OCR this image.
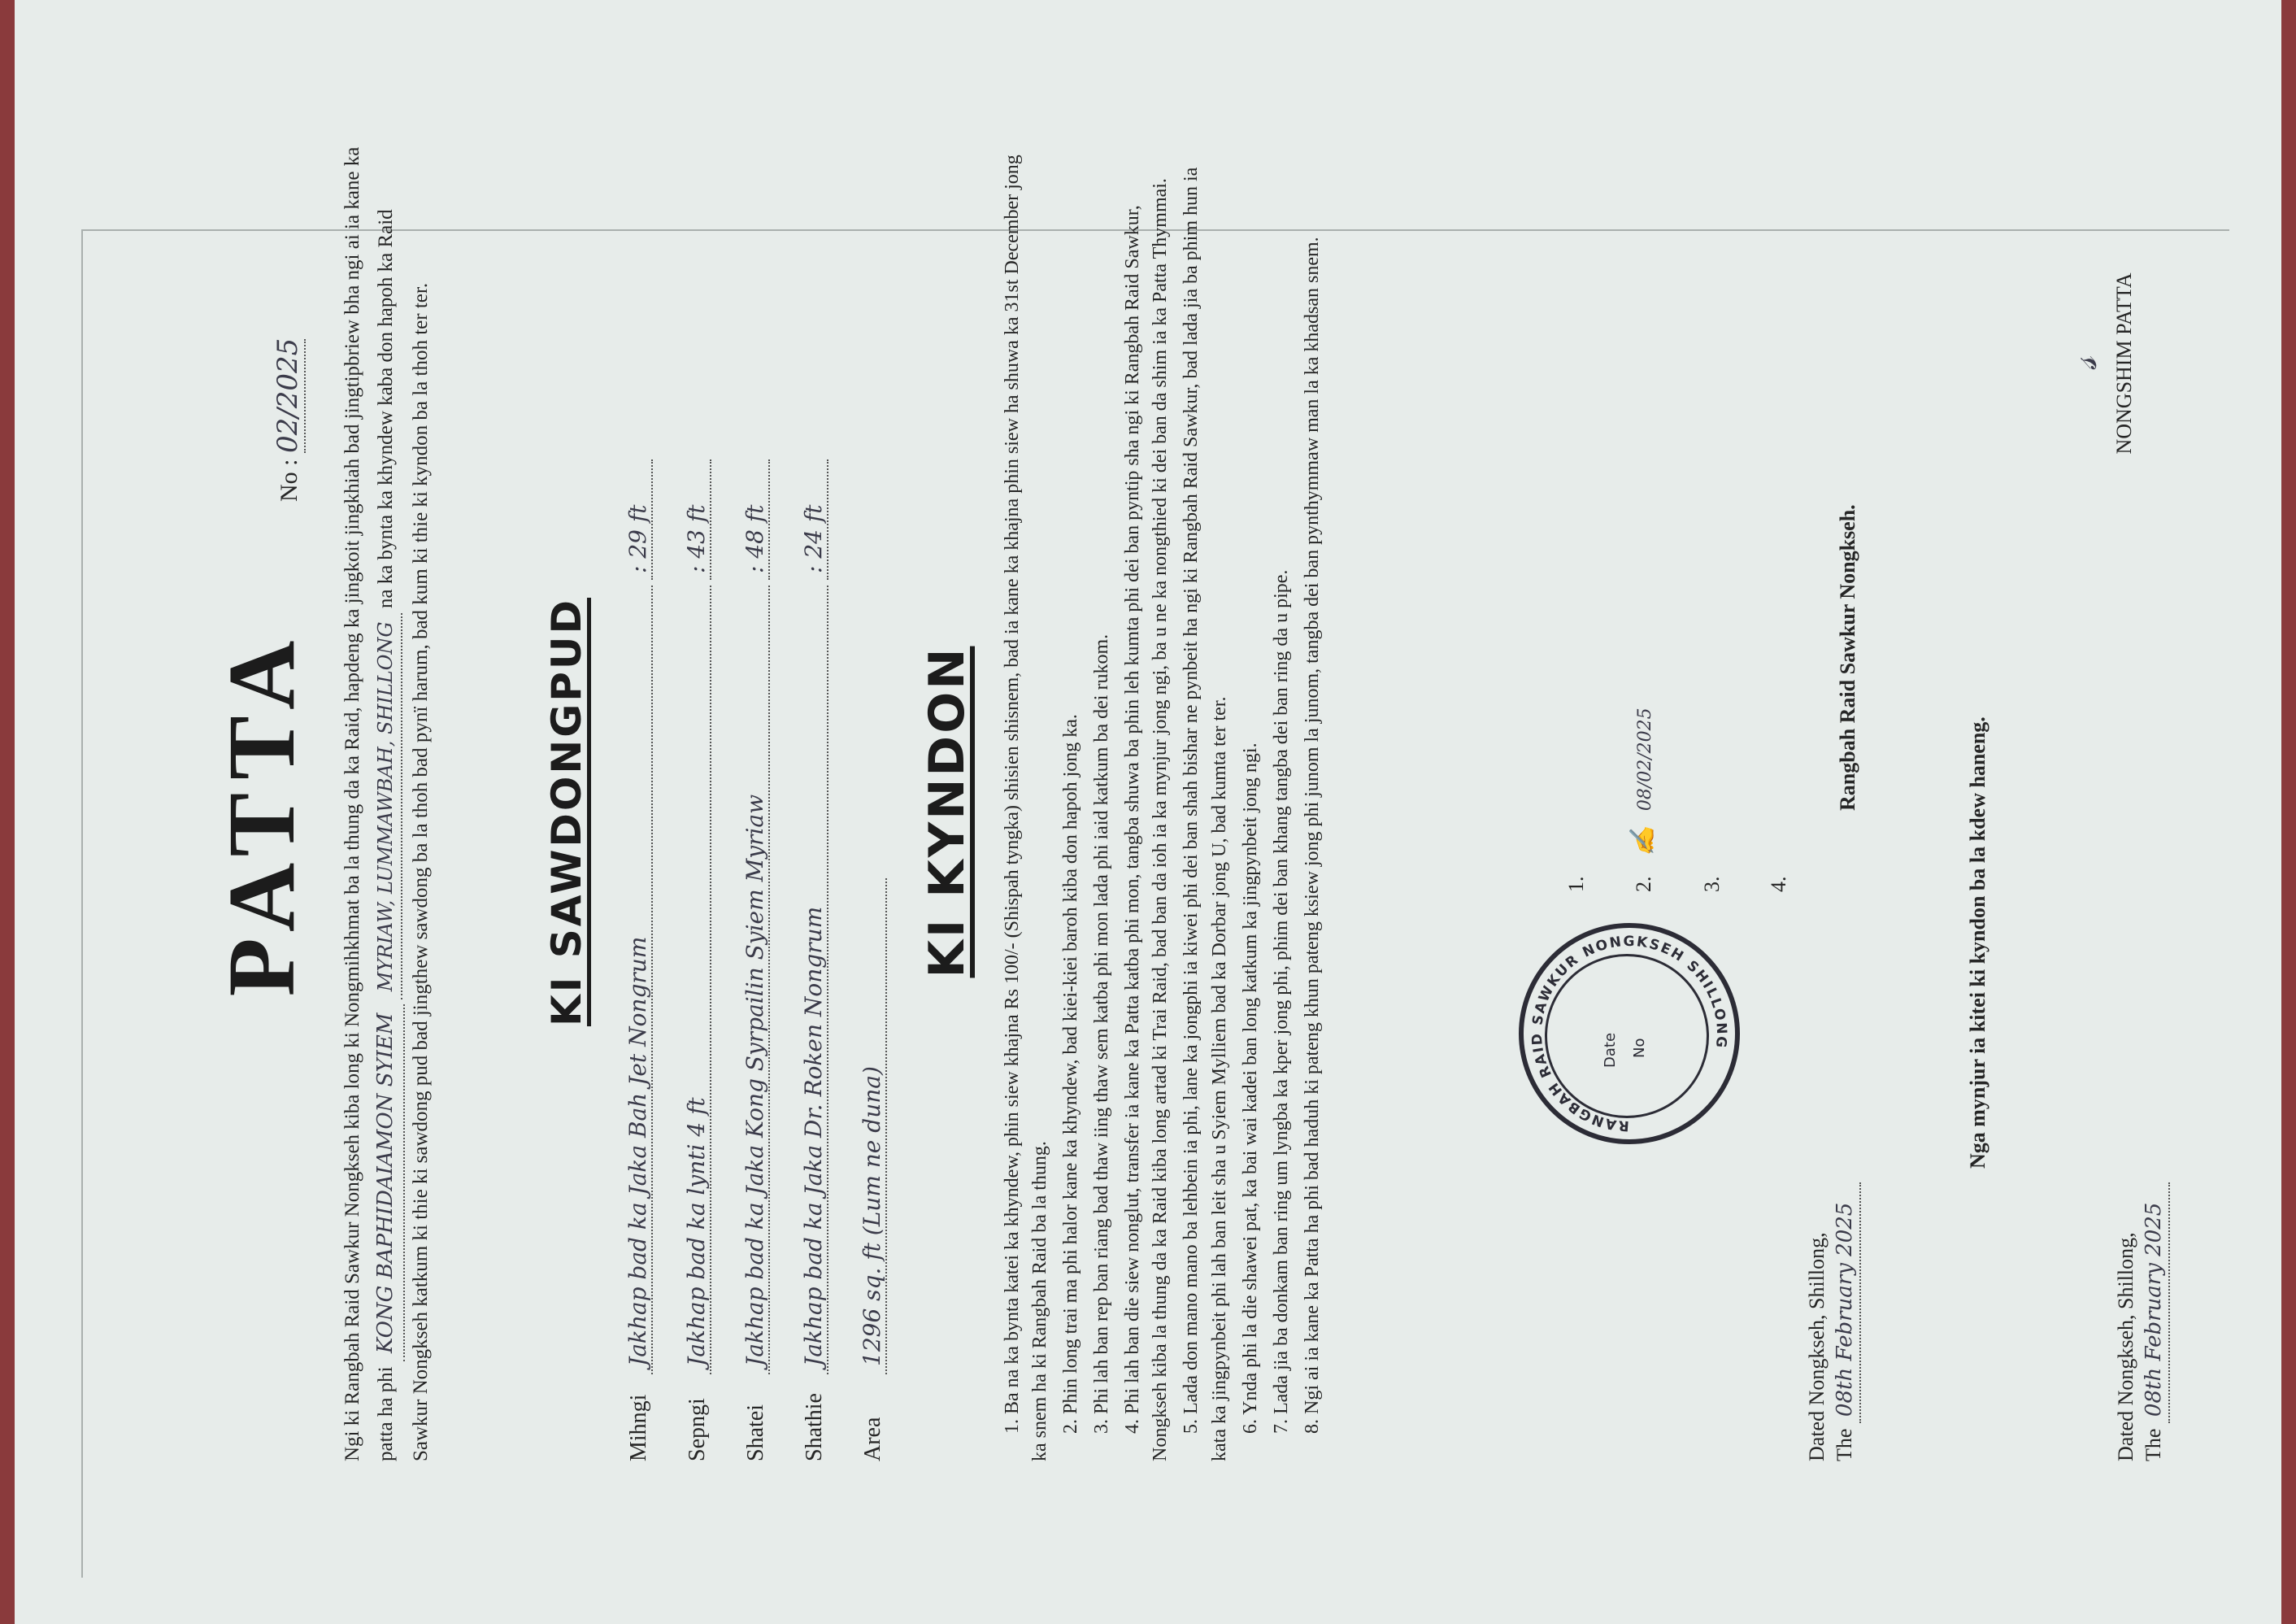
PATTA
No : 02/2025 Ngi ki Rangbah Raid Sawkur Nongkseh kiba long ki Nongmihkhmat ba la thung da ka Raid, hapdeng ka jingkoit jingkhiah bad jingtipbriew bha ngi ai ia kane ka patta ha phi KONG BAPHIDAIAMON SYIEM MYRIAW, LUMMAWBAH, SHILLONG na ka bynta ka khyndew kaba don hapoh ka Raid Sawkur Nongkseh katkum ki thie ki sawdong pud bad jingthew sawdong ba la thoh bad pynï harum, bad kum ki thie ki kyndon ba la thoh ter ter.	KI SAWDONGPUD
Mihngi Jakhap bad ka Jaka Bah Jet Nongrum : 29 ft
Sepngi Jakhap bad ka lynti 4 ft : 43 ft
Shatei Jakhap bad ka Jaka Kong Syrpailin Syiem Myriaw : 48 ft
Shathie Jakhap bad ka Jaka Dr. Roken Nongrum : 24 ft
Area 1296 sq. ft (Lum ne duna)
KI KYNDON 1. Ba na ka bynta katei ka khyndew, phin siew khajna Rs 100/- (Shispah tyngka) shisien shisnem, bad ia kane ka khajna phin siew ha shuwa ka 31st December jong ka snem ha ki Rangbah Raid ba la thung. 2. Phin long trai ma phi halor kane ka khyndew, bad kiei-kiei baroh kiba don hapoh jong ka. 3. Phi lah ban rep ban riang bad thaw iing thaw sem katba phi mon lada phi iaid katkum ba dei rukom. 4. Phi lah ban die siew nonglut, transfer ia kane ka Patta katba phi mon, tangba shuwa ba phin leh kumta phi dei ban pyntip sha ngi ki Rangbah Raid Sawkur, Nongkseh kiba la thung da ka Raid kiba long artad ki Trai Raid, bad ban da ioh ia ka mynjur jong ngi, ba u ne ka nongthied ki dei ban da shim ia ka Patta Thymmai. 5. Lada don mano mano ba lehbein ia phi, lane ka jongphi ia kiwei phi dei ban shah bishar ne pynbeit ha ngi ki Rangbah Raid Sawkur, bad lada jia ba phim hun ia kata ka jingpynbeit phi lah ban leit sha u Syiem Mylliem bad ka Dorbar jong U, bad kumta ter ter. 6. Ynda phi la die shawei pat, ka bai wai kadei ban long katkum ka jingpynbeit jong ngi. 7. Lada jia ba donkam ban ring um lyngba ka kper jong phi, phim dei ban khang tangba dei ban ring da u pipe. 8. Ngi ai ia kane ka Patta ha phi bad haduh ki pateng khun pateng ksiew jong phi junom la junom, tangba dei ban pynthymmaw man la ka khadsan snem.	RANGBAH RAID SAWKUR NONGKSEH SHILLONG
Date No
1.	2. ✍ 08/02/2025
3.	4.
Dated Nongkseh, Shillong, The 08th February 2025
Rangbah Raid Sawkur Nongkseh.
Nga mynjur ia kitei ki kyndon ba la kdew haneng.
Dated Nongkseh, Shillong, The 08th February 2025
𝓈 NONGSHIM PATTA
